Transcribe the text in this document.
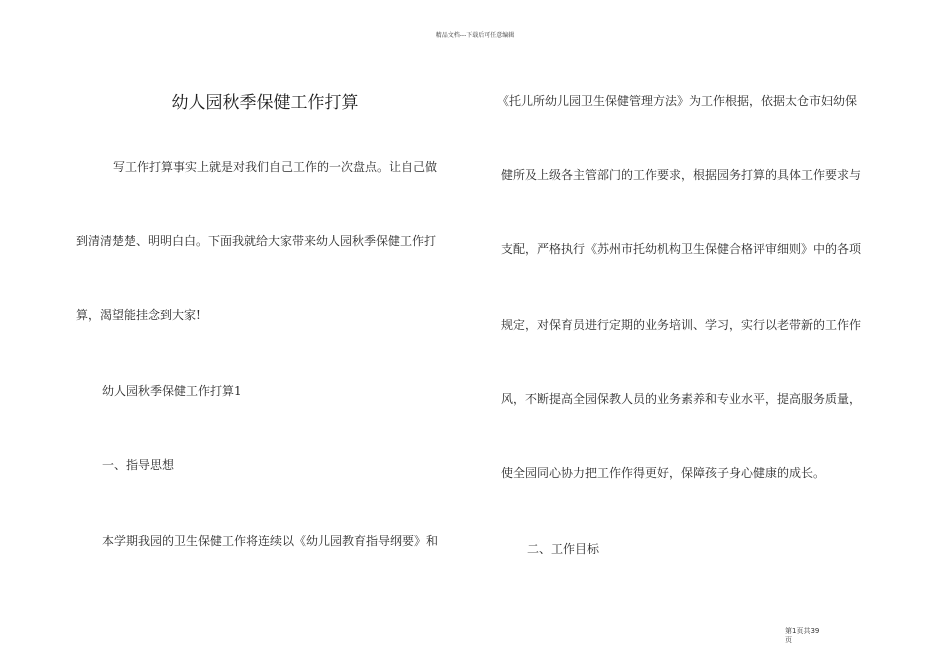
精品文档---下载后可任意编辑
幼人园秋季保健工作打算
写工作打算事实上就是对我们自己工作的一次盘点。让自己做
到清清楚楚、明明白白。下面我就给大家带来幼人园秋季保健工作打
算，渴望能挂念到大家!
幼人园秋季保健工作打算1
一、指导思想
本学期我园的卫生保健工作将连续以《幼儿园教育指导纲要》和
《托儿所幼儿园卫生保健管理方法》为工作根据，依据太仓市妇幼保
健所及上级各主管部门的工作要求，根据园务打算的具体工作要求与
支配，严格执行《苏州市托幼机构卫生保健合格评审细则》中的各项
规定，对保育员进行定期的业务培训、学习，实行以老带新的工作作
风，不断提高全园保教人员的业务素养和专业水平，提高服务质量，
使全园同心协力把工作作得更好，保障孩子身心健康的成长。
二、工作目标
第1页共39页
